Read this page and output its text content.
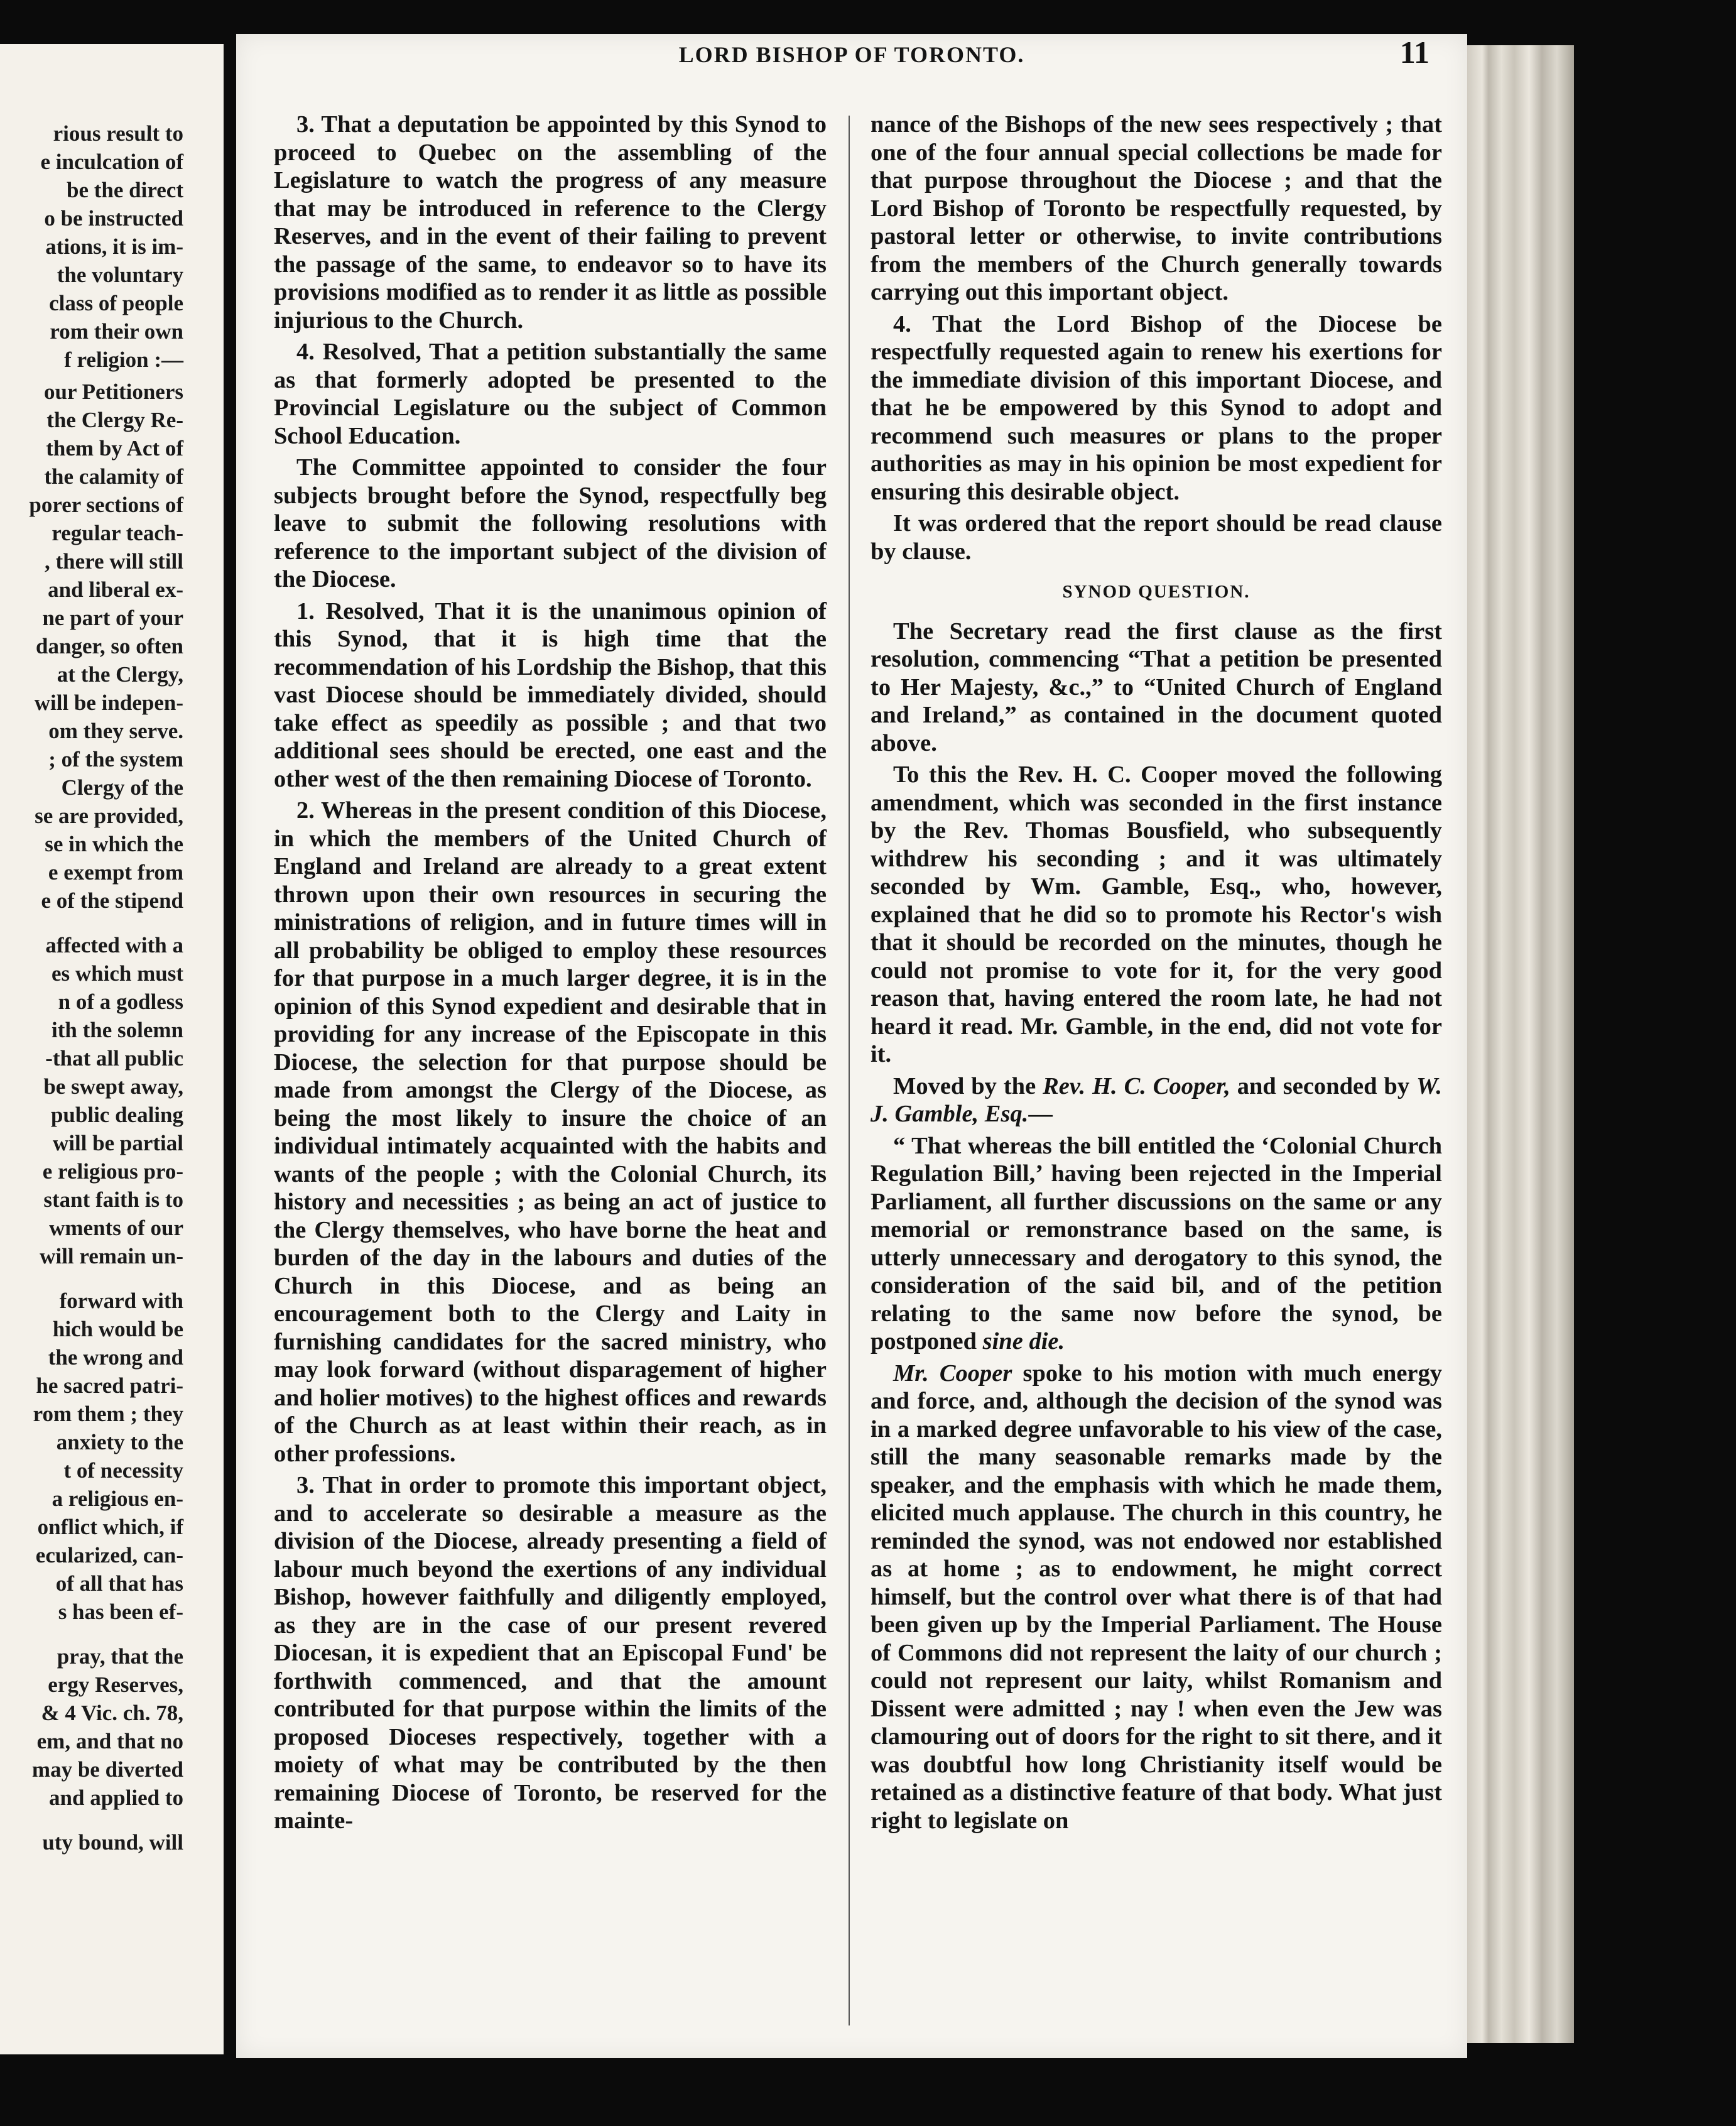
rious result to
e inculcation of
be the direct
o be instructed
ations, it is im-
the voluntary
class of people
rom their own
f religion :—
our Petitioners
the Clergy Re-
them by Act of
the calamity of
porer sections of
regular teach-
, there will still
and liberal ex-
ne part of your
danger, so often
at the Clergy,
will be indepen-
om they serve.
; of the system
Clergy of the
se are provided,
se in which the
e exempt from
e of the stipend
affected with a
es which must
n of a godless
ith the solemn
-that all public
be swept away,
public dealing
will be partial
e religious pro-
stant faith is to
wments of our
will remain un-
forward with
hich would be
the wrong and
he sacred patri-
rom them ; they
anxiety to the
t of necessity
a religious en-
onflict which, if
ecularized, can-
of all that has
s has been ef-
pray, that the
ergy Reserves,
& 4 Vic. ch. 78,
em, and that no
may be diverted
and applied to
uty bound, will
LORD BISHOP OF TORONTO.	11

3. That a deputation be appointed by this Synod to proceed to Quebec on the assembling of the Legislature to watch the progress of any measure that may be introduced in reference to the Clergy Reserves, and in the event of their failing to prevent the passage of the same, to endeavor so to have its provisions modified as to render it as little as possible injurious to the Church.

4. Resolved, That a petition substantially the same as that formerly adopted be presented to the Provincial Legislature ou the subject of Common School Education.

The Committee appointed to consider the four subjects brought before the Synod, respectfully beg leave to submit the following resolutions with reference to the important subject of the division of the Diocese.

1. Resolved, That it is the unanimous opinion of this Synod, that it is high time that the recommendation of his Lordship the Bishop, that this vast Diocese should be immediately divided, should take effect as speedily as possible ; and that two additional sees should be erected, one east and the other west of the then remaining Diocese of Toronto.

2. Whereas in the present condition of this Diocese, in which the members of the United Church of England and Ireland are already to a great extent thrown upon their own resources in securing the ministrations of religion, and in future times will in all probability be obliged to employ these resources for that purpose in a much larger degree, it is in the opinion of this Synod expedient and desirable that in providing for any increase of the Episcopate in this Diocese, the selection for that purpose should be made from amongst the Clergy of the Diocese, as being the most likely to insure the choice of an individual intimately acquainted with the habits and wants of the people ; with the Colonial Church, its history and necessities ; as being an act of justice to the Clergy themselves, who have borne the heat and burden of the day in the labours and duties of the Church in this Diocese, and as being an encouragement both to the Clergy and Laity in furnishing candidates for the sacred ministry, who may look forward (without disparagement of higher and holier motives) to the highest offices and rewards of the Church as at least within their reach, as in other professions.

3. That in order to promote this important object, and to accelerate so desirable a measure as the division of the Diocese, already presenting a field of labour much beyond the exertions of any individual Bishop, however faithfully and diligently employed, as they are in the case of our present revered Diocesan, it is expedient that an Episcopal Fund' be forthwith commenced, and that the amount contributed for that purpose within the limits of the proposed Dioceses respectively, together with a moiety of what may be contributed by the then remaining Diocese of Toronto, be reserved for the mainte-

nance of the Bishops of the new sees respectively ; that one of the four annual special collections be made for that purpose throughout the Diocese ; and that the Lord Bishop of Toronto be respectfully requested, by pastoral letter or otherwise, to invite contributions from the members of the Church generally towards carrying out this important object.

4. That the Lord Bishop of the Diocese be respectfully requested again to renew his exertions for the immediate division of this important Diocese, and that he be empowered by this Synod to adopt and recommend such measures or plans to the proper authorities as may in his opinion be most expedient for ensuring this desirable object.

It was ordered that the report should be read clause by clause.

SYNOD QUESTION.

The Secretary read the first clause as the first resolution, commencing “That a petition be presented to Her Majesty, &c.,” to “United Church of England and Ireland,” as contained in the document quoted above.

To this the Rev. H. C. Cooper moved the following amendment, which was seconded in the first instance by the Rev. Thomas Bousfield, who subsequently withdrew his seconding ; and it was ultimately seconded by Wm. Gamble, Esq., who, however, explained that he did so to promote his Rector's wish that it should be recorded on the minutes, though he could not promise to vote for it, for the very good reason that, having entered the room late, he had not heard it read. Mr. Gamble, in the end, did not vote for it.

Moved by the Rev. H. C. Cooper, and seconded by W. J. Gamble, Esq.—

“ That whereas the bill entitled the ‘Colonial Church Regulation Bill,’ having been rejected in the Imperial Parliament, all further discussions on the same or any memorial or remonstrance based on the same, is utterly unnecessary and derogatory to this synod, the consideration of the said bil, and of the petition relating to the same now before the synod, be postponed sine die.

Mr. Cooper spoke to his motion with much energy and force, and, although the decision of the synod was in a marked degree unfavorable to his view of the case, still the many seasonable remarks made by the speaker, and the emphasis with which he made them, elicited much applause. The church in this country, he reminded the synod, was not endowed nor established as at home ; as to endowment, he might correct himself, but the control over what there is of that had been given up by the Imperial Parliament. The House of Commons did not represent the laity of our church ; could not represent our laity, whilst Romanism and Dissent were admitted ; nay ! when even the Jew was clamouring out of doors for the right to sit there, and it was doubtful how long Christianity itself would be retained as a distinctive feature of that body. What just right to legislate on
